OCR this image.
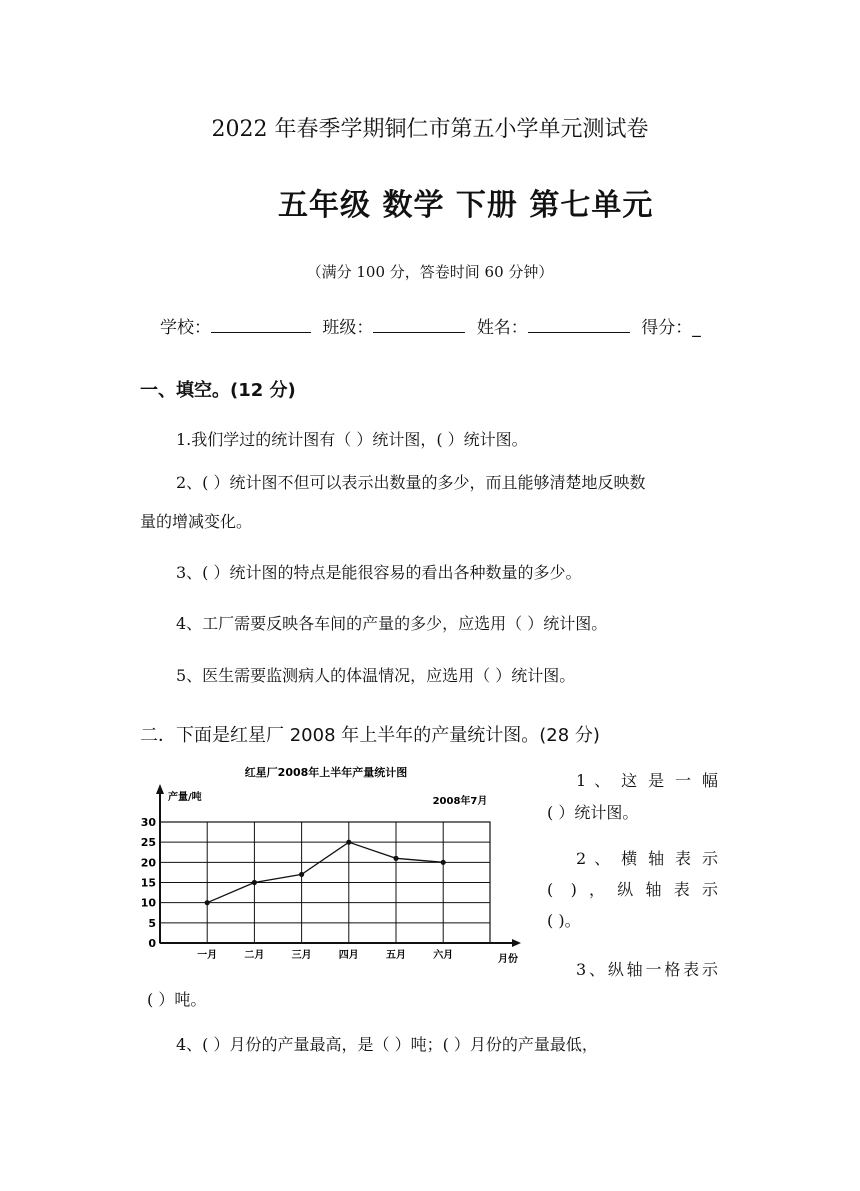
2022 年春季学期铜仁市第五小学单元测试卷
五年级 数学 下册 第七单元
（满分 100 分，答卷时间 60 分钟）
学校：	班级：	姓名：	得分：_
一、填空。(12 分)
1.我们学过的统计图有（ ）统计图，( ）统计图。
2、( ）统计图不但可以表示出数量的多少，而且能够清楚地反映数
量的增减变化。
3、( ）统计图的特点是能很容易的看出各种数量的多少。
4、工厂需要反映各车间的产量的多少，应选用（ ）统计图。
5、医生需要监测病人的体温情况，应选用（ ）统计图。
二．下面是红星厂 2008 年上半年的产量统计图。(28 分)
红星厂2008年上半年产量统计图
2008年7月
产量/吨
月份
0
5
10
15
20
25
30
一月	二月	三月	四月	五月	六月
1 、 这 是 一 幅
( ）统计图。
2 、 横 轴 表 示
( )，纵轴表示
( )。
3、纵轴一格表示
( ）吨。
4、( ）月份的产量最高，是（ ）吨；( ）月份的产量最低，
